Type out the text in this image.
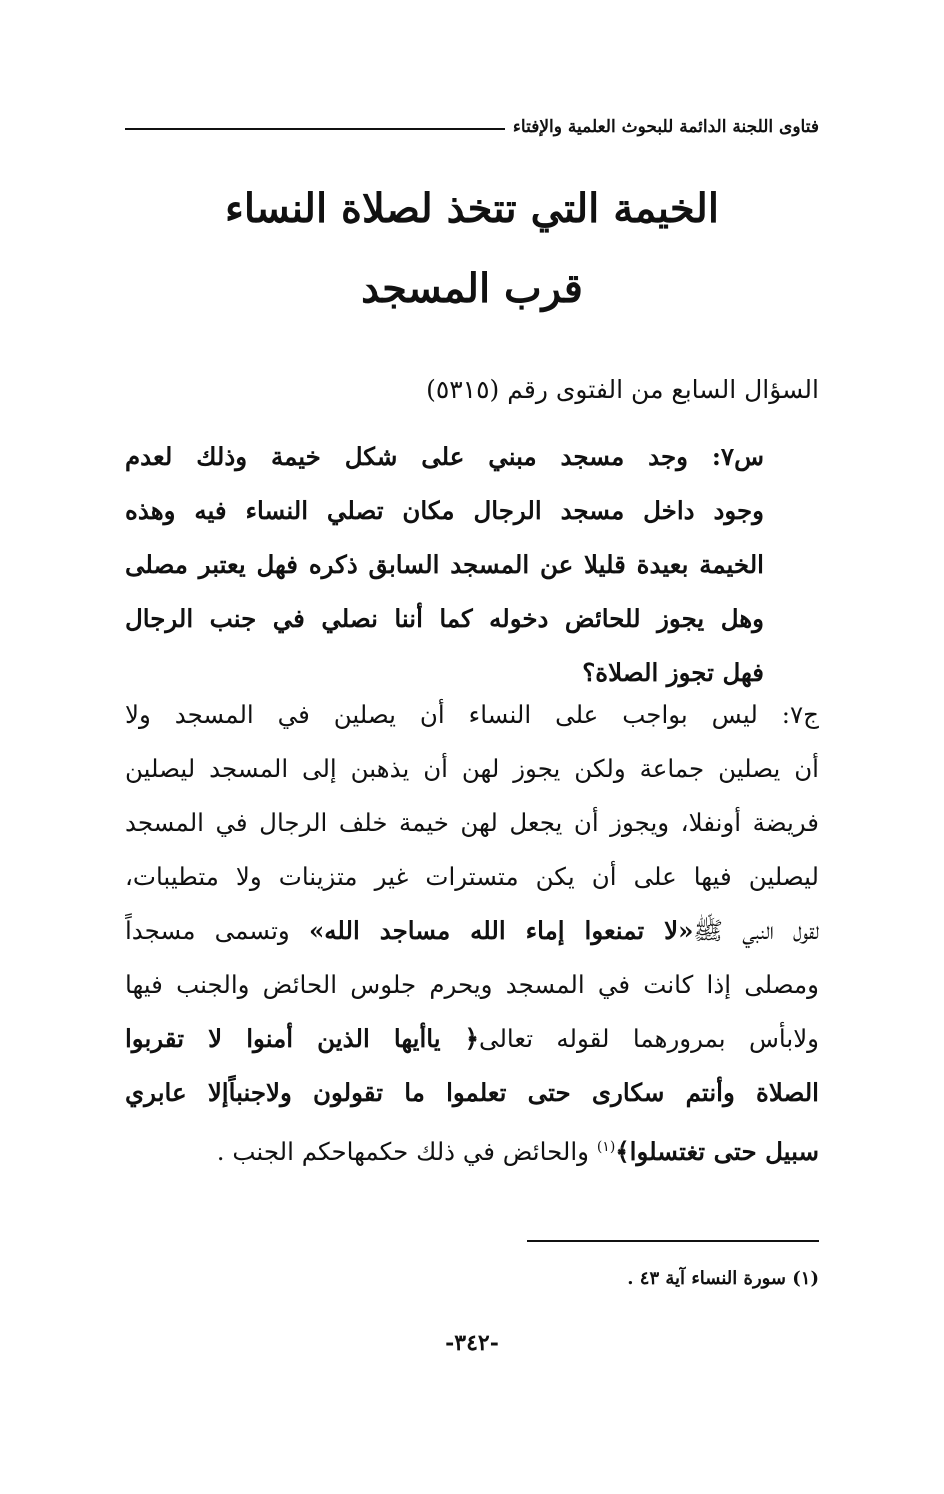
فتاوى اللجنة الدائمة للبحوث العلمية والإفتاء
الخيمة التي تتخذ لصلاة النساء
قرب المسجد
السؤال السابع من الفتوى رقم (٥٣١٥)
س٧: وجد مسجد مبني على شكل خيمة وذلك لعدم
وجود داخل مسجد الرجال مكان تصلي النساء فيه وهذه
الخيمة بعيدة قليلا عن المسجد السابق ذكره فهل يعتبر مصلى
وهل يجوز للحائض دخوله كما أننا نصلي في جنب الرجال
فهل تجوز الصلاة؟
ج٧: ليس بواجب على النساء أن يصلين في المسجد ولا
أن يصلين جماعة ولكن يجوز لهن أن يذهبن إلى المسجد ليصلين
فريضة أونفلا، ويجوز أن يجعل لهن خيمة خلف الرجال في المسجد
ليصلين فيها على أن يكن متسترات غير متزينات ولا متطيبات،
لقول النبي ﷺ«لا تمنعوا إماء الله مساجد الله» وتسمى مسجداً
ومصلى إذا كانت في المسجد ويحرم جلوس الحائض والجنب فيها
ولابأس بمرورهما لقوله تعالى﴿ ياأيها الذين أمنوا لا تقربوا
الصلاة وأنتم سكارى حتى تعلموا ما تقولون ولاجنباًإلا عابري
سبيل حتى تغتسلوا﴾$^{(١)}$ والحائض في ذلك حكمهاحكم الجنب .
(١) سورة النساء آية ٤٣ .
-٣٤٢-
